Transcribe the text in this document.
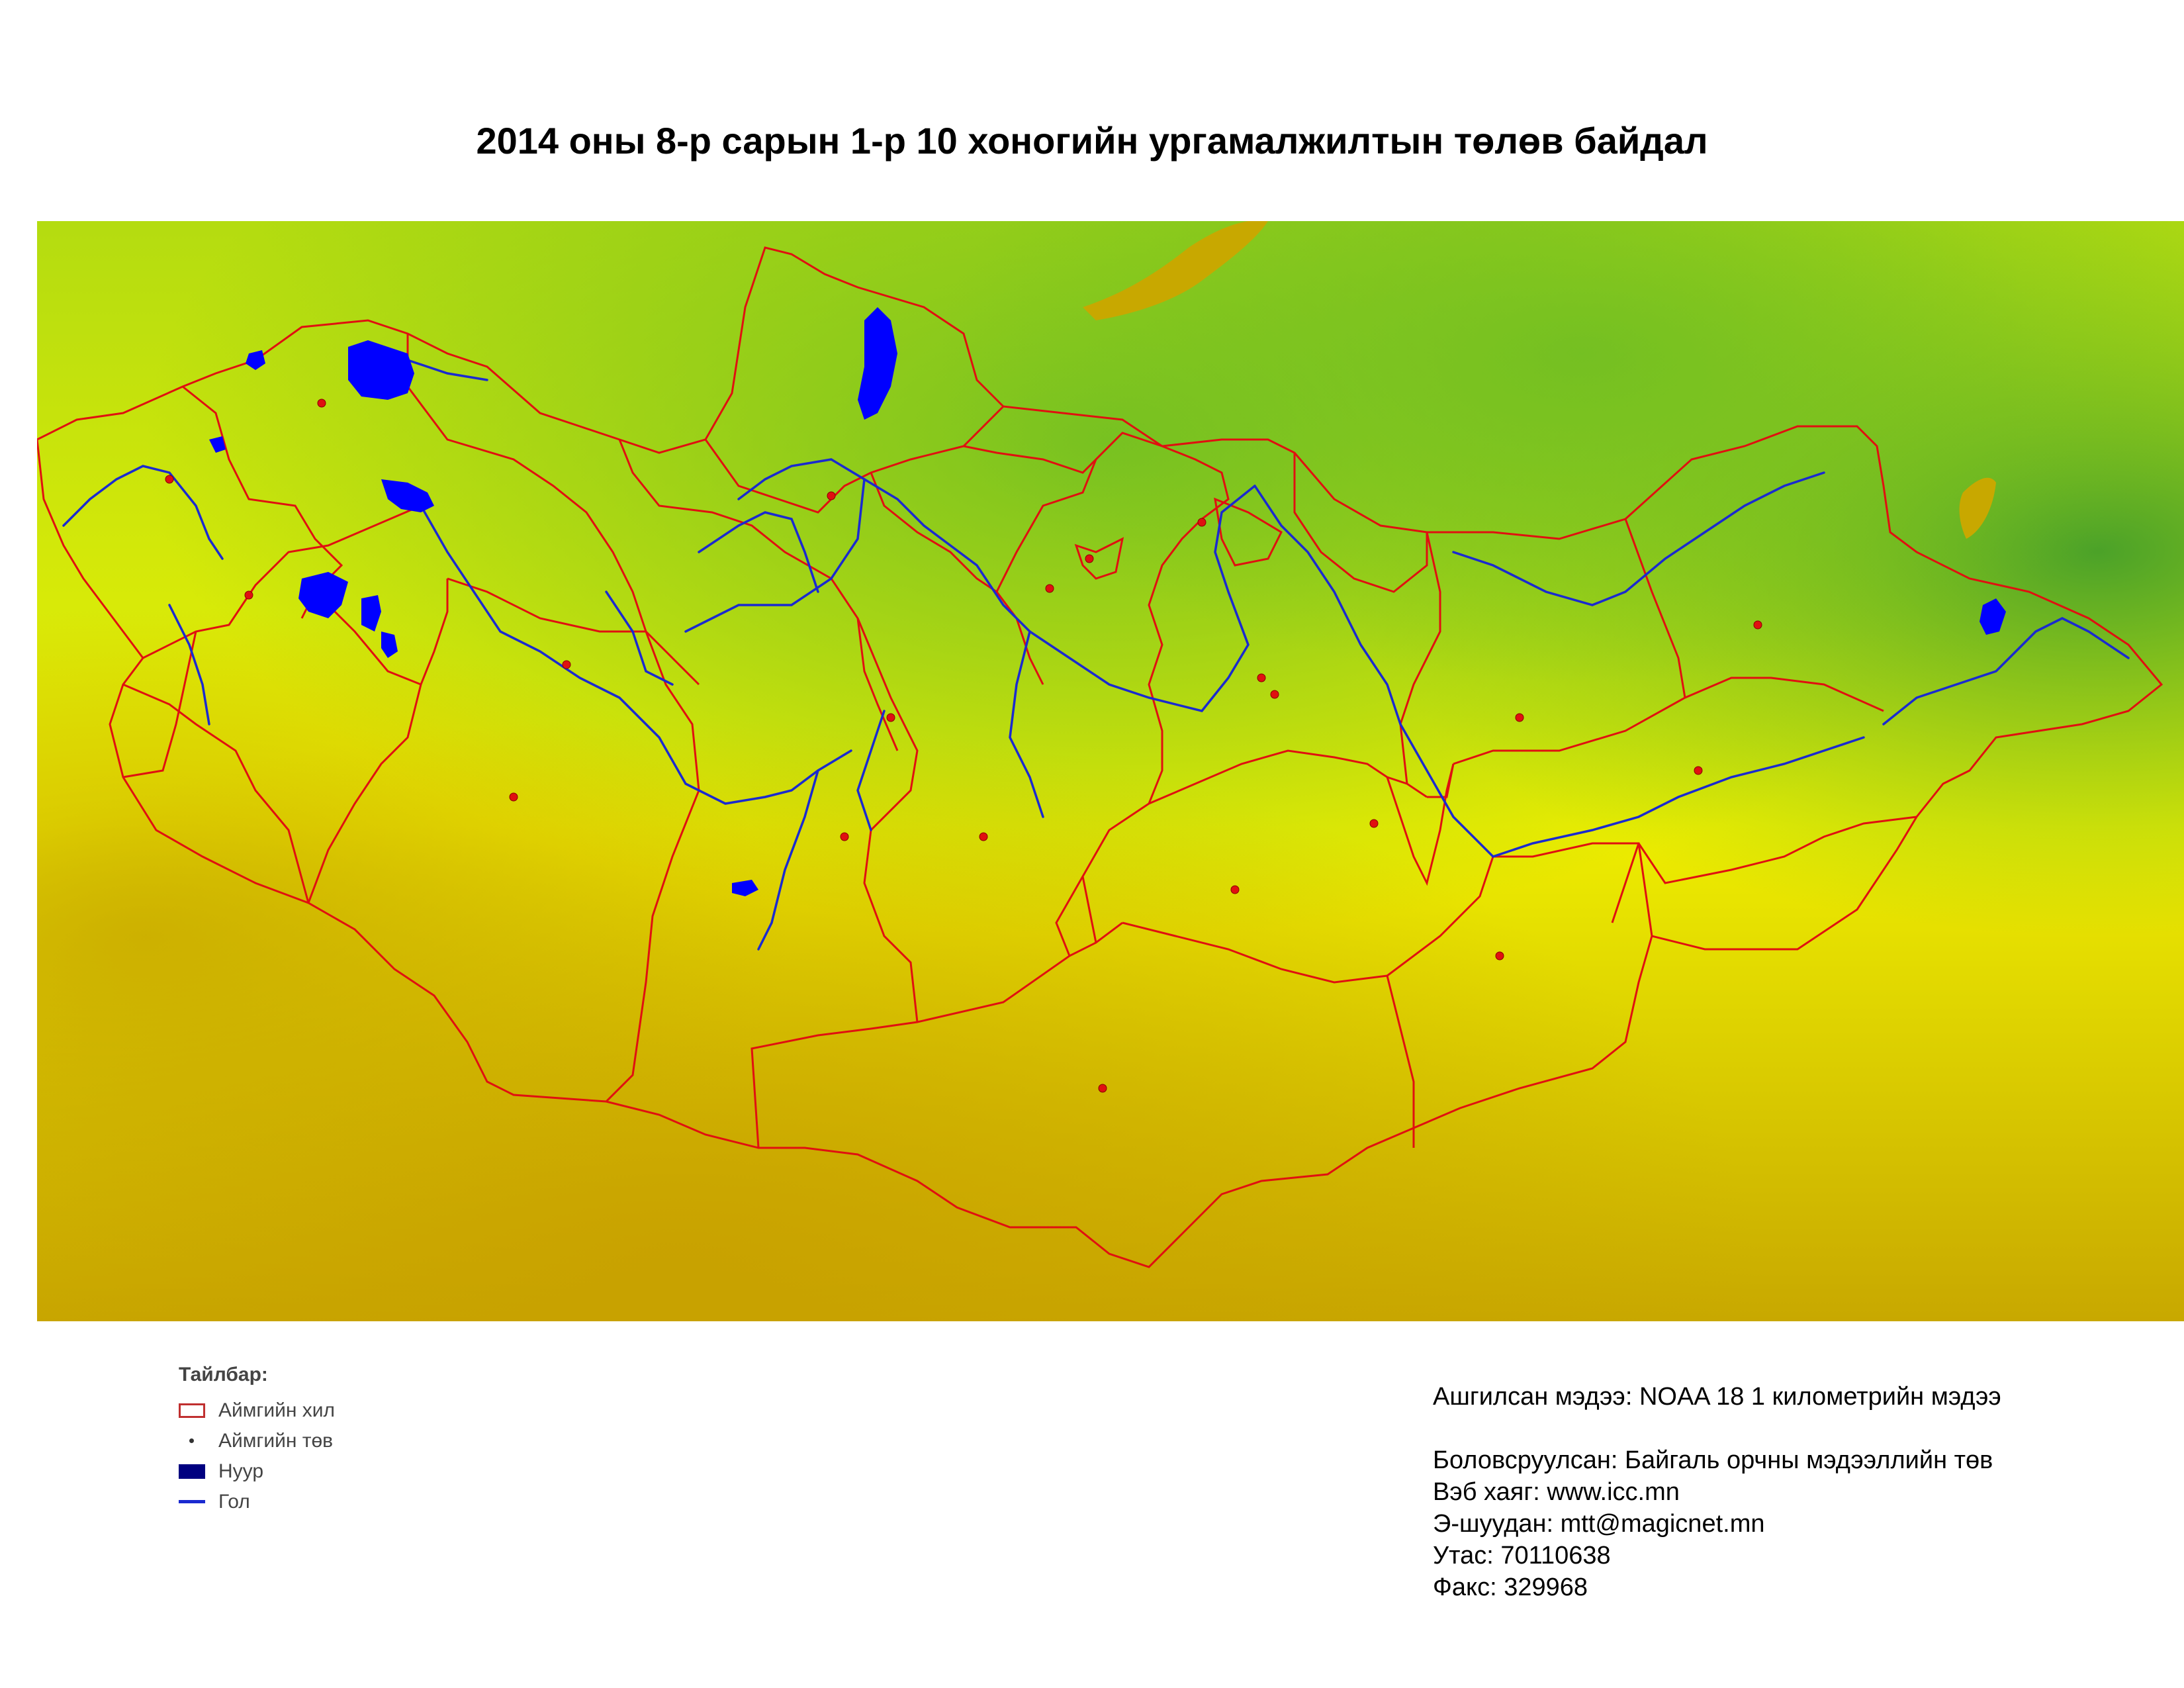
2014 оны 8-р сарын 1-р 10 хоногийн ургамалжилтын төлөв байдал
Тайлбар:
Аймгийн хил
Аймгийн төв
Нуур
Гол
Ашгилсан мэдээ: NOAA 18 1 километрийн мэдээ
Боловсруулсан: Байгаль орчны мэдээллийн төв
Вэб хаяг: www.icc.mn
Э-шуудан: mtt@magicnet.mn
Утас: 70110638
Факс: 329968
